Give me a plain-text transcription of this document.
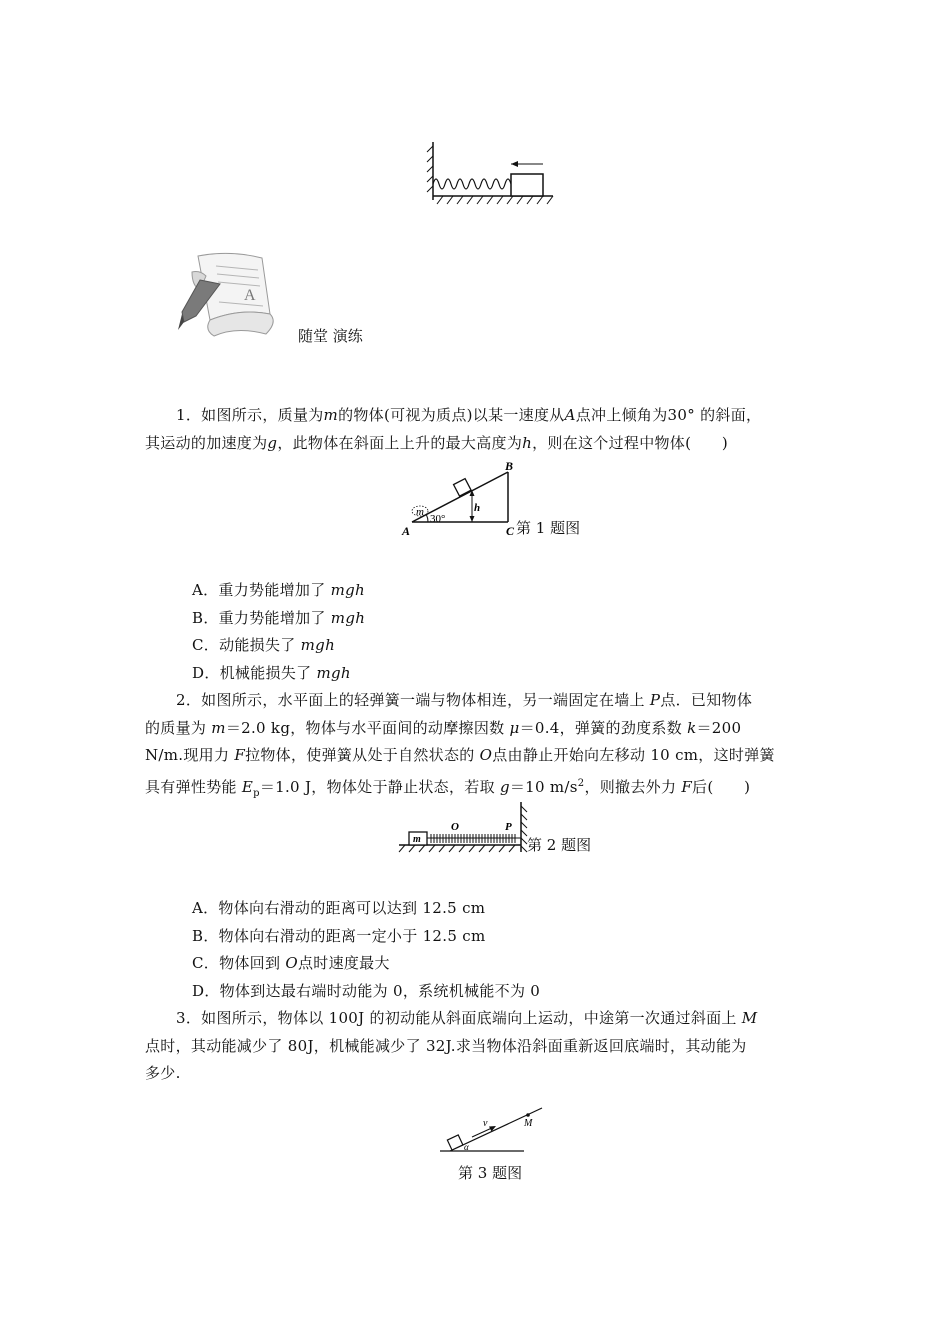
A
随堂 演练
1．如图所示，质量为m的物体(可视为质点)以某一速度从A点冲上倾角为30° 的斜面，
其运动的加速度为g，此物体在斜面上上升的最大高度为h，则在这个过程中物体(　　)
m
30°
h
A
B
C 第 1 题图
A．重力势能增加了 mgh
B．重力势能增加了 mgh
C．动能损失了 mgh
D．机械能损失了 mgh
2．如图所示，水平面上的轻弹簧一端与物体相连，另一端固定在墙上 P点．已知物体
的质量为 m＝2.0 kg，物体与水平面间的动摩擦因数 μ＝0.4，弹簧的劲度系数 k＝200
N/m.现用力 F拉物体，使弹簧从处于自然状态的 O点由静止开始向左移动 10 cm，这时弹簧
具有弹性势能 $E_p=1.0$ J，物体处于静止状态，若取 g＝10 $m/s^2$，则撤去外力 F后(　　)
m
O	P
第 2 题图
A．物体向右滑动的距离可以达到 12.5 cm
B．物体向右滑动的距离一定小于 12.5 cm
C．物体回到 O点时速度最大
D．物体到达最右端时动能为 0，系统机械能不为 0
3．如图所示，物体以 100J 的初动能从斜面底端向上运动，中途第一次通过斜面上 M
点时，其动能减少了 80J，机械能减少了 32J.求当物体沿斜面重新返回底端时，其动能为
多少.
v	M
α
第 3 题图
